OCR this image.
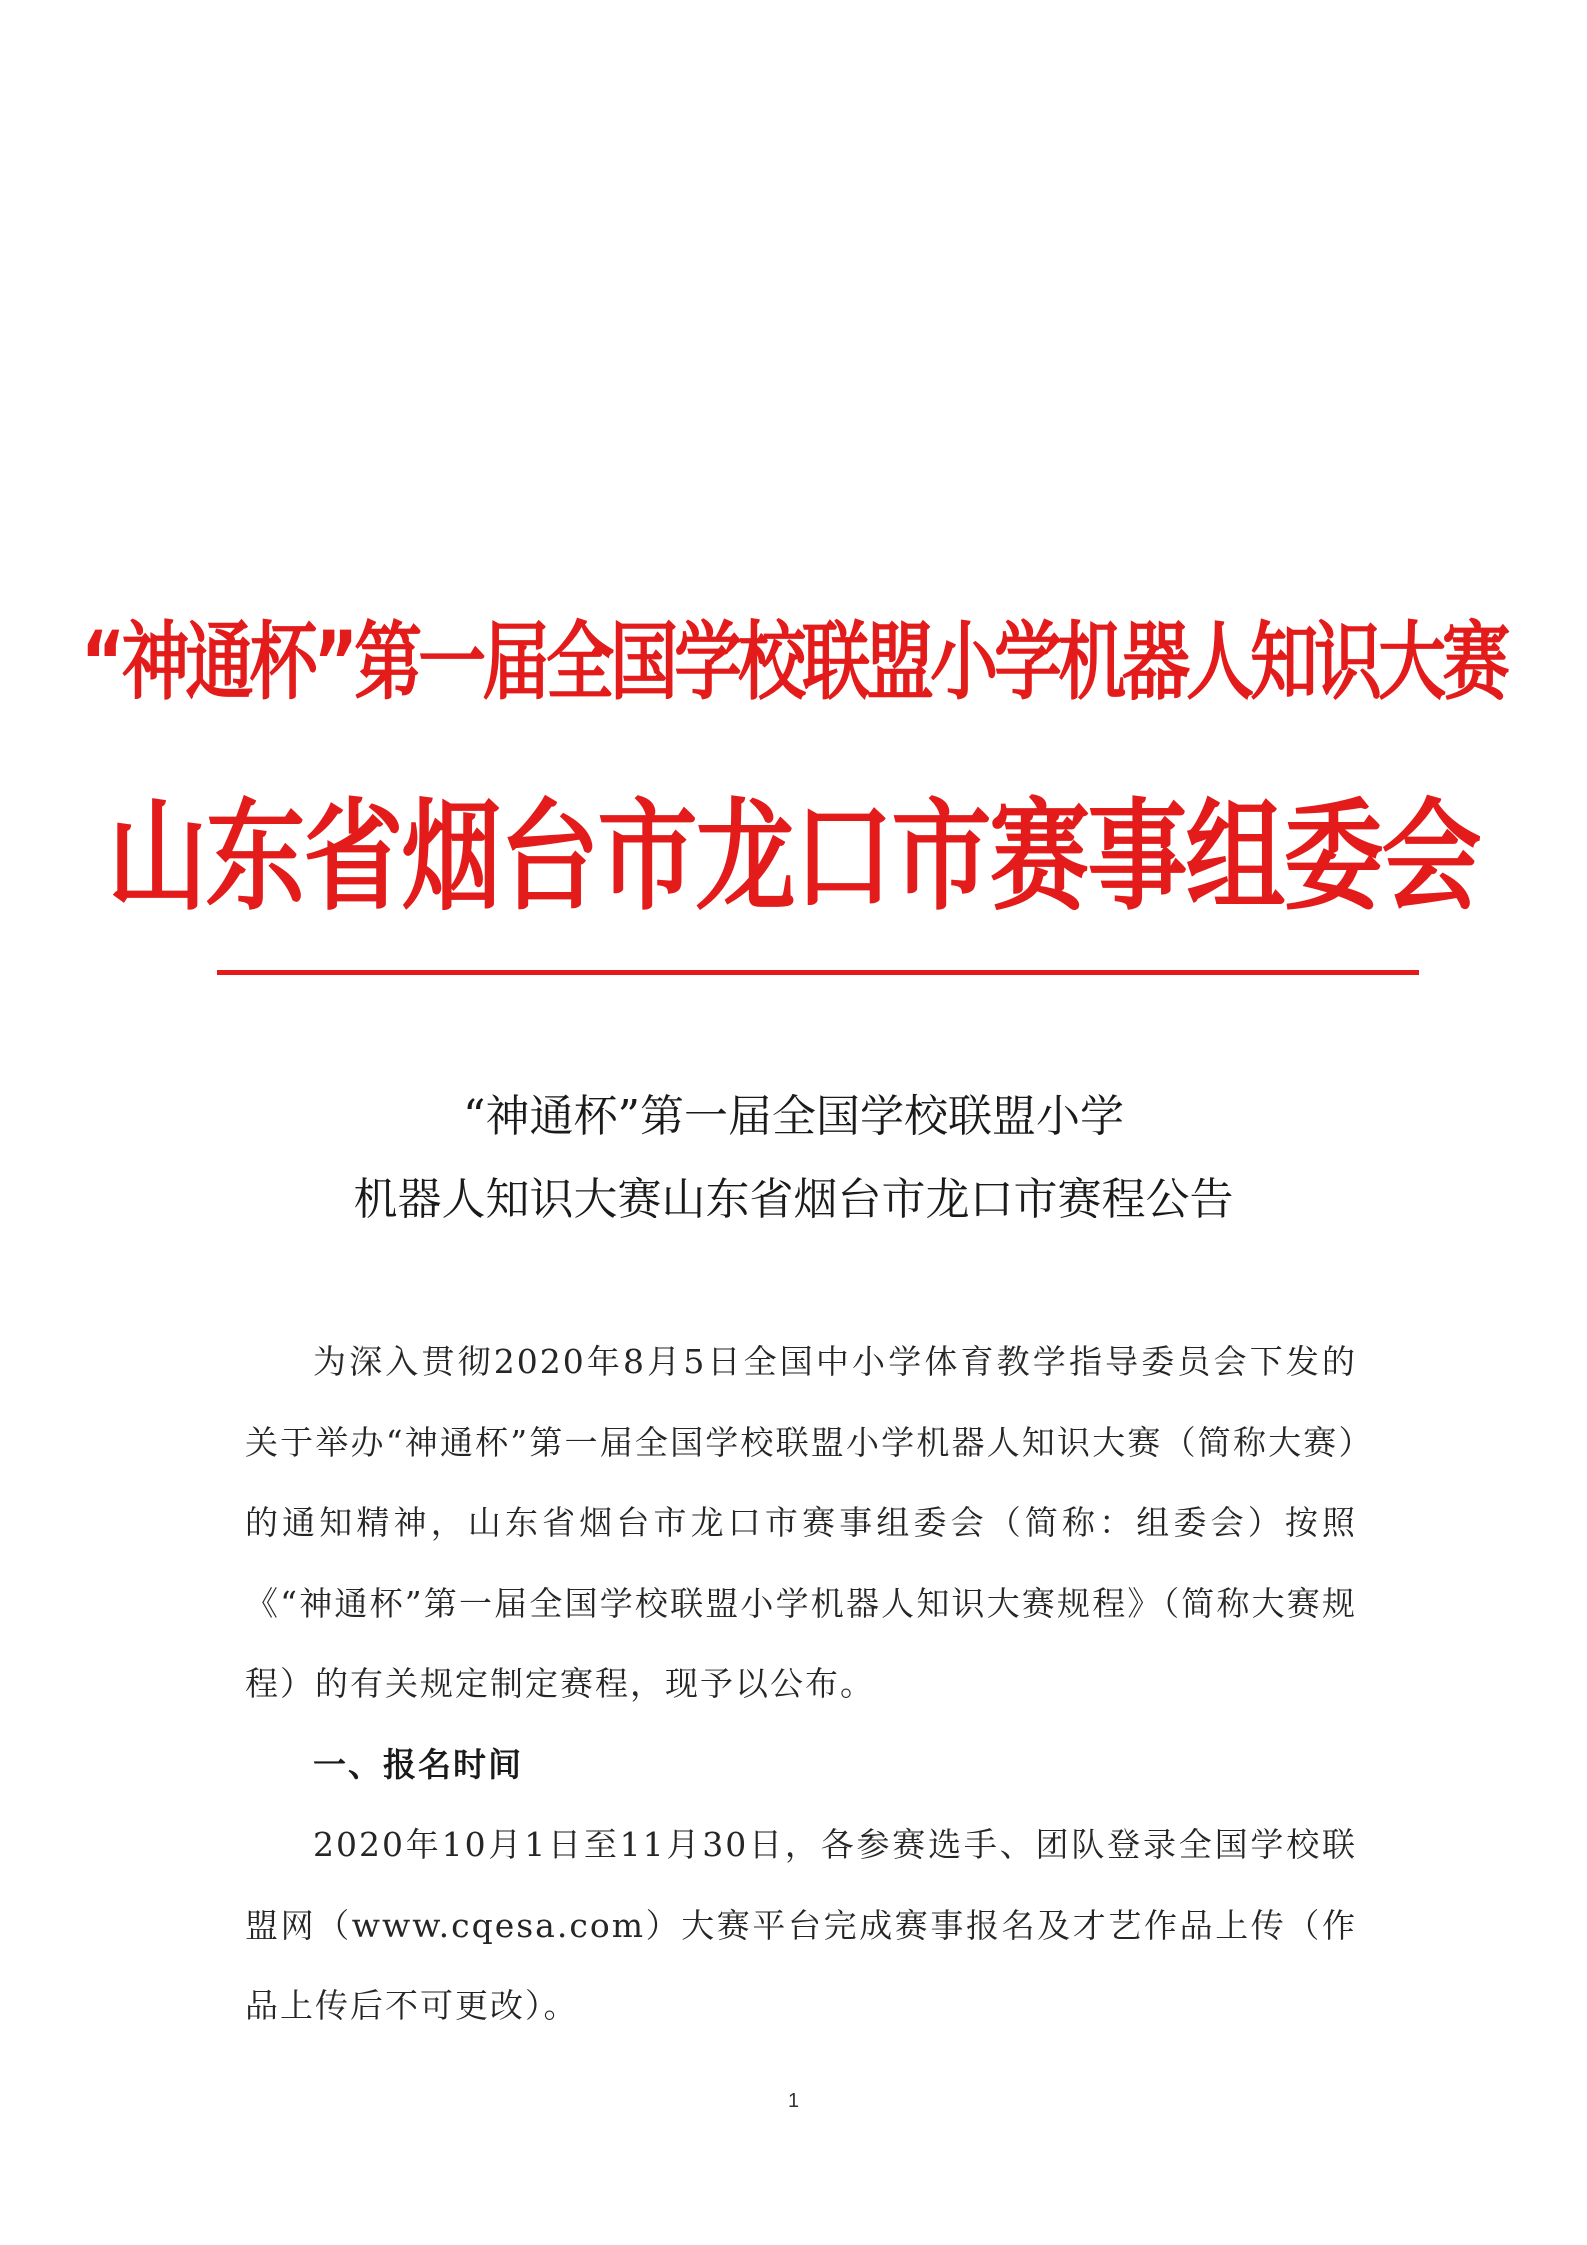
“神通杯”第一届全国学校联盟小学机器人知识大赛
山东省烟台市龙口市赛事组委会
“神通杯”第一届全国学校联盟小学
机器人知识大赛山东省烟台市龙口市赛程公告

为深入贯彻2020年8月5日全国中小学体育教学指导委员会下发的关于举办“神通杯”第一届全国学校联盟小学机器人知识大赛（简称大赛）的通知精神，山东省烟台市龙口市赛事组委会（简称：组委会）按照《“神通杯”第一届全国学校联盟小学机器人知识大赛规程》（简称大赛规程）的有关规定制定赛程，现予以公布。

一、报名时间

2020年10月1日至11月30日，各参赛选手、团队登录全国学校联盟网（www.cqesa.com）大赛平台完成赛事报名及才艺作品上传（作品上传后不可更改）。

1
